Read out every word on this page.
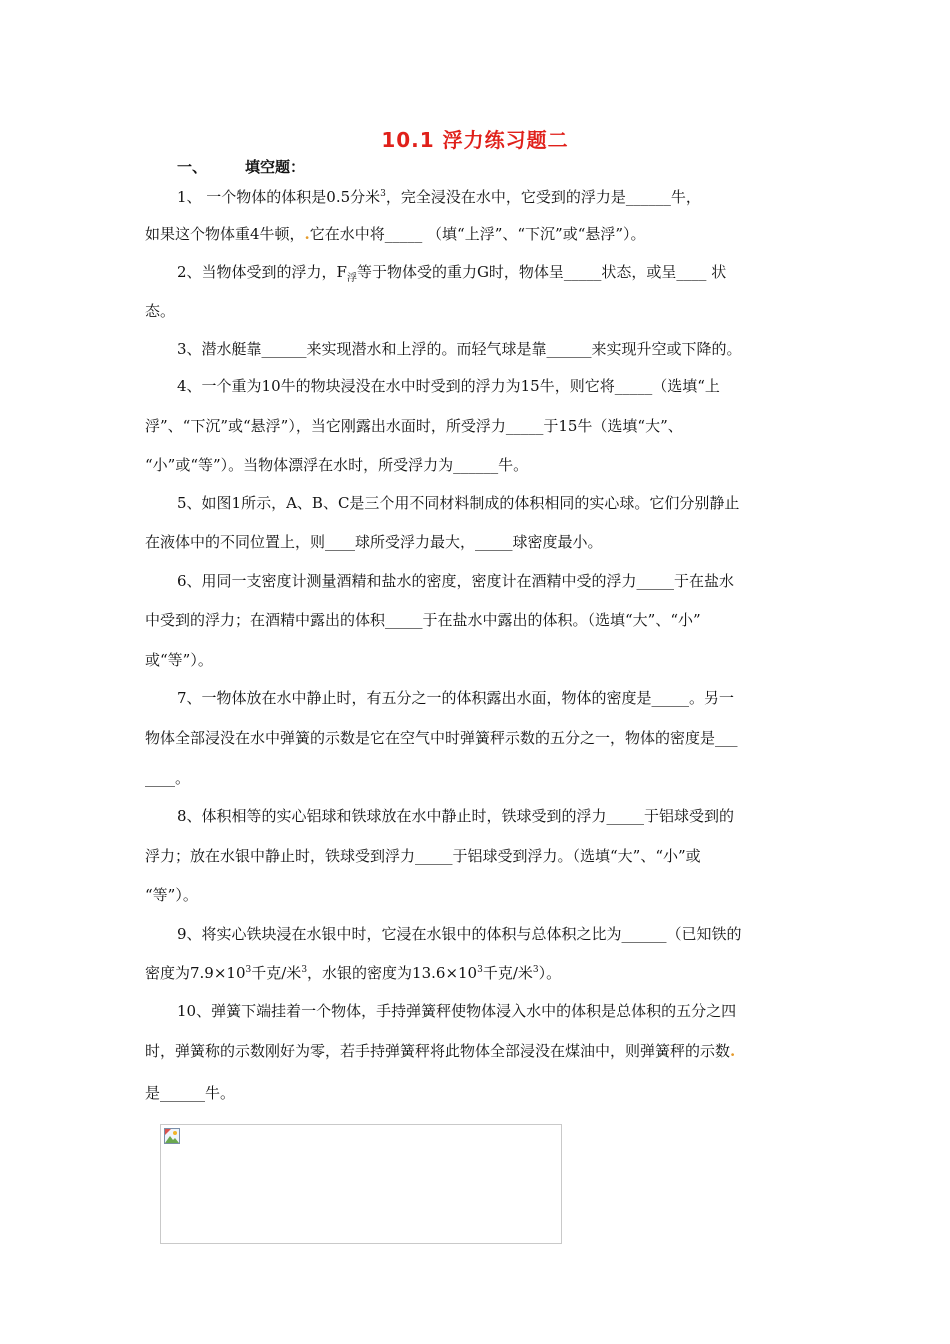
10.1 浮力练习题二
一、	填空题：
1、 一个物体的体积是0.5分米$^3$，完全浸没在水中，它受到的浮力是______牛，
如果这个物体重4牛顿，.它在水中将_____ （填“上浮”、“下沉”或“悬浮”）。
2、当物体受到的浮力，$F_浮$等于物体受的重力G时，物体呈_____状态，或呈____ 状
态。
3、潜水艇靠______来实现潜水和上浮的。而轻气球是靠______来实现升空或下降的。
4、一个重为10牛的物块浸没在水中时受到的浮力为15牛，则它将_____（选填“上
浮”、“下沉”或“悬浮”），当它刚露出水面时，所受浮力_____于15牛（选填“大”、
“小”或“等”）。当物体漂浮在水时，所受浮力为______牛。
5、如图1所示，A、B、C是三个用不同材料制成的体积相同的实心球。它们分别静止
在液体中的不同位置上，则____球所受浮力最大，_____球密度最小。
6、用同一支密度计测量酒精和盐水的密度，密度计在酒精中受的浮力_____于在盐水
中受到的浮力；在酒精中露出的体积_____于在盐水中露出的体积。（选填“大”、“小”
或“等”）。
7、一物体放在水中静止时，有五分之一的体积露出水面，物体的密度是_____。另一
物体全部浸没在水中弹簧的示数是它在空气中时弹簧秤示数的五分之一，物体的密度是___
____。
8、体积相等的实心铝球和铁球放在水中静止时，铁球受到的浮力_____于铝球受到的
浮力；放在水银中静止时，铁球受到浮力_____于铝球受到浮力。（选填“大”、“小”或
“等”）。
9、将实心铁块浸在水银中时，它浸在水银中的体积与总体积之比为______（已知铁的
密度为$7.9\times 10^3$千克/米$^3$，水银的密度为$13.6\times 10^3$千克/米$^3$）。
10、弹簧下端挂着一个物体，手持弹簧秤使物体浸入水中的体积是总体积的五分之四
时，弹簧称的示数刚好为零，若手持弹簧秤将此物体全部浸没在煤油中，则弹簧秤的示数.
是______牛。
